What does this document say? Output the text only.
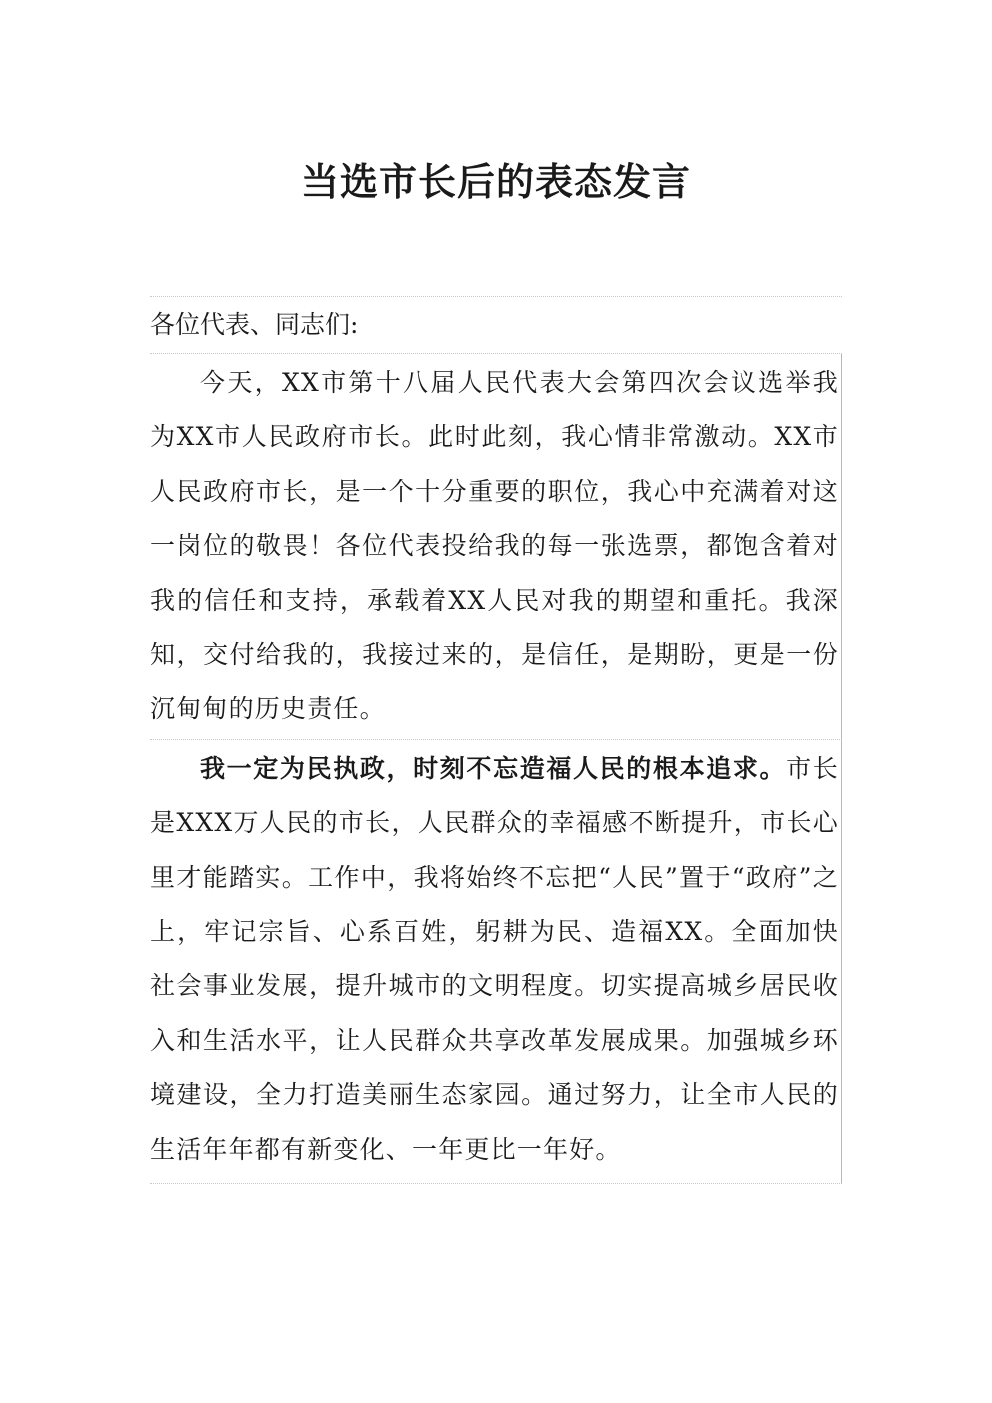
当选市长后的表态发言

各位代表、同志们:

今天，XX市第十八届人民代表大会第四次会议选举我为XX市人民政府市长。此时此刻，我心情非常激动。XX市人民政府市长，是一个十分重要的职位，我心中充满着对这一岗位的敬畏！各位代表投给我的每一张选票，都饱含着对我的信任和支持，承载着XX人民对我的期望和重托。我深知，交付给我的，我接过来的，是信任，是期盼，更是一份沉甸甸的历史责任。

我一定为民执政，时刻不忘造福人民的根本追求。市长是XXX万人民的市长，人民群众的幸福感不断提升，市长心里才能踏实。工作中，我将始终不忘把“人民”置于“政府”之上，牢记宗旨、心系百姓，躬耕为民、造福XX。全面加快社会事业发展，提升城市的文明程度。切实提高城乡居民收入和生活水平，让人民群众共享改革发展成果。加强城乡环境建设，全力打造美丽生态家园。通过努力，让全市人民的生活年年都有新变化、一年更比一年好。
